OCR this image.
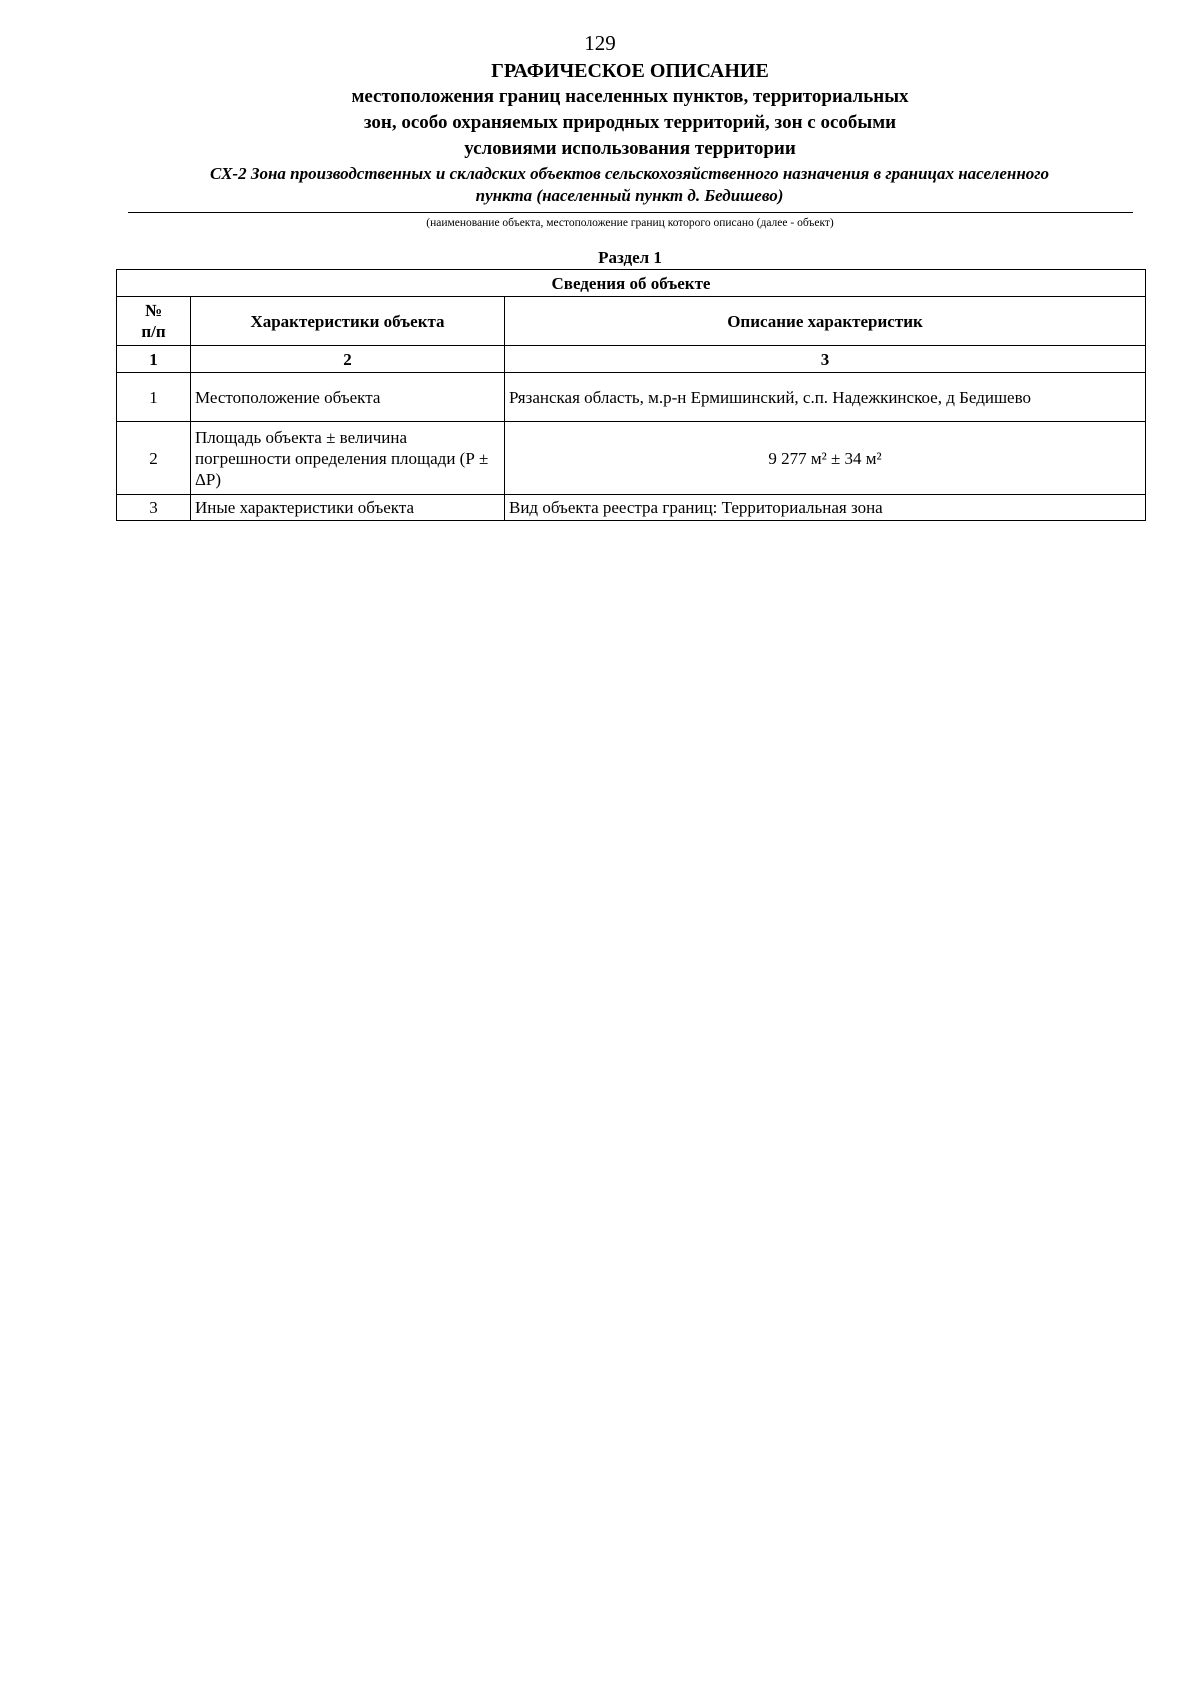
129
ГРАФИЧЕСКОЕ ОПИСАНИЕ
местоположения границ населенных пунктов, территориальных
зон, особо охраняемых природных территорий, зон с особыми
условиями использования территории
СХ-2 Зона производственных и складских объектов сельскохозяйственного назначения в границах населенного
пункта (населенный пункт д. Бедишево)
(наименование объекта, местоположение границ которого описано (далее - объект)
Раздел 1
Сведения об объекте		

№
п/п	Характеристики объекта	Описание характеристик
1	2	3
1	Местоположение объекта	Рязанская область, м.р-н Ермишинский, с.п. Надежкинское, д Бедишево
2	Площадь объекта ± величина погрешности определения площади (Р ± ΔР)	9 277 м² ± 34 м²
3	Иные характеристики объекта	Вид объекта реестра границ: Территориальная зона
